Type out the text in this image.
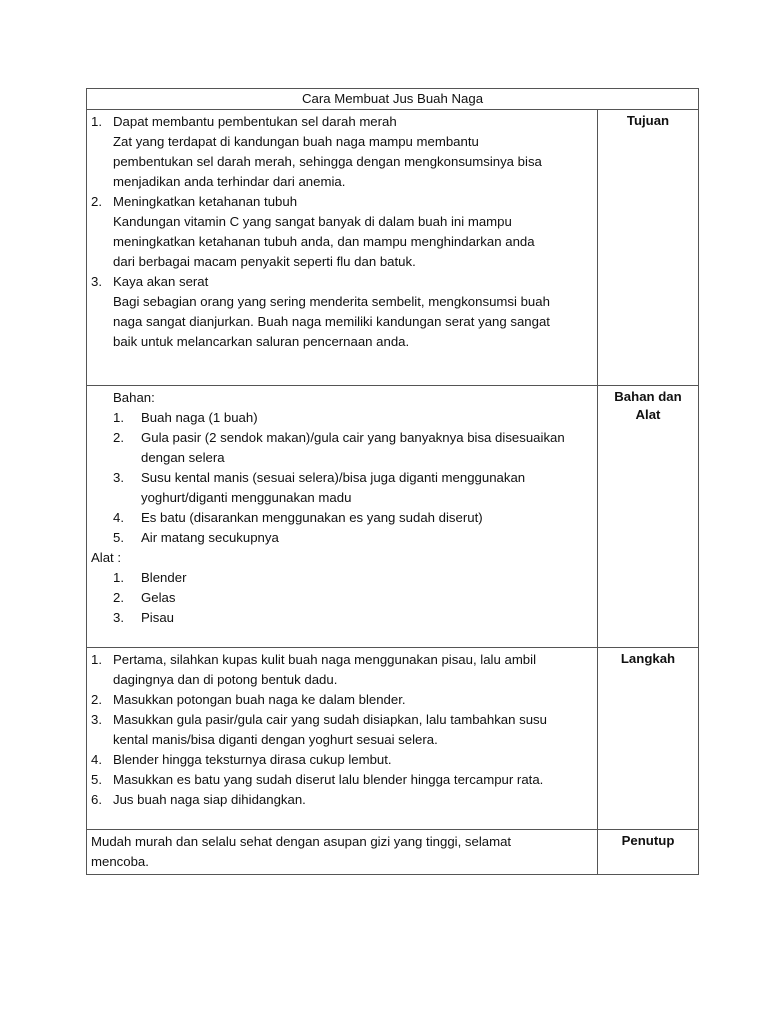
Cara Membuat Jus Buah Naga
1. Dapat membantu pembentukan sel darah merah
Zat yang terdapat di kandungan buah naga mampu membantu
pembentukan sel darah merah, sehingga dengan mengkonsumsinya bisa
menjadikan anda terhindar dari anemia.
2. Meningkatkan ketahanan tubuh
Kandungan vitamin C yang sangat banyak di dalam buah ini mampu
meningkatkan ketahanan tubuh anda, dan mampu menghindarkan anda
dari berbagai macam penyakit seperti flu dan batuk.
3. Kaya akan serat
Bagi sebagian orang yang sering menderita sembelit, mengkonsumsi buah
naga sangat dianjurkan. Buah naga memiliki kandungan serat yang sangat
baik untuk melancarkan saluran pencernaan anda.
Tujuan
Bahan:
1. Buah naga (1 buah)
2. Gula pasir (2 sendok makan)/gula cair yang banyaknya bisa disesuaikan
dengan selera
3. Susu kental manis (sesuai selera)/bisa juga diganti menggunakan
yoghurt/diganti menggunakan madu
4. Es batu (disarankan menggunakan es yang sudah diserut)
5. Air matang secukupnya
Alat :
1. Blender
2. Gelas
3. Pisau
Bahan dan
Alat
1. Pertama, silahkan kupas kulit buah naga menggunakan pisau, lalu ambil
dagingnya dan di potong bentuk dadu.
2. Masukkan potongan buah naga ke dalam blender.
3. Masukkan gula pasir/gula cair yang sudah disiapkan, lalu tambahkan susu
kental manis/bisa diganti dengan yoghurt sesuai selera.
4. Blender hingga teksturnya dirasa cukup lembut.
5. Masukkan es batu yang sudah diserut lalu blender hingga tercampur rata.
6. Jus buah naga siap dihidangkan.
Langkah
Mudah murah dan selalu sehat dengan asupan gizi yang tinggi, selamat
mencoba.
Penutup
